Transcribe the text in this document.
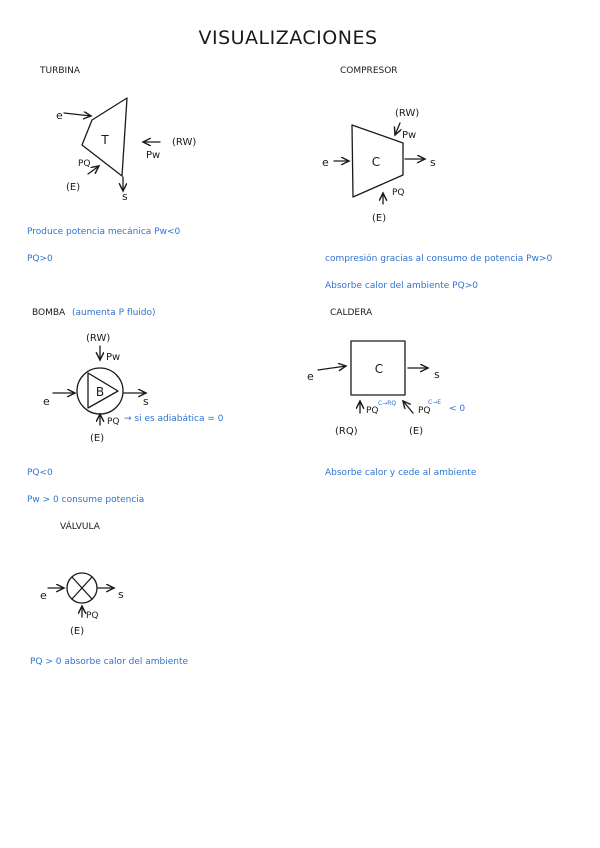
VISUALIZACIONES
TURBINA
T
e
s
(RW)
Pw
PQ
(E)
Produce potencia mecánica Pw<0
PQ>0
COMPRESOR
C
e	s
(RW)
Pw
PQ
(E)
compresión gracias al consumo de potencia Pw>0
Absorbe calor del ambiente PQ>0
BOMBA (aumenta P fluido)
(RW)
Pw
B
e	s
PQ
(E)
→ si es adiabática = 0
PQ<0
Pw > 0 consume potencia
CALDERA
C
e	s
PQ
C→RQ
PQ
C→E
< 0
(RQ)	(E)
Absorbe calor y cede al ambiente
VÁLVULA
e	s
PQ
(E)
PQ > 0 absorbe calor del ambiente
